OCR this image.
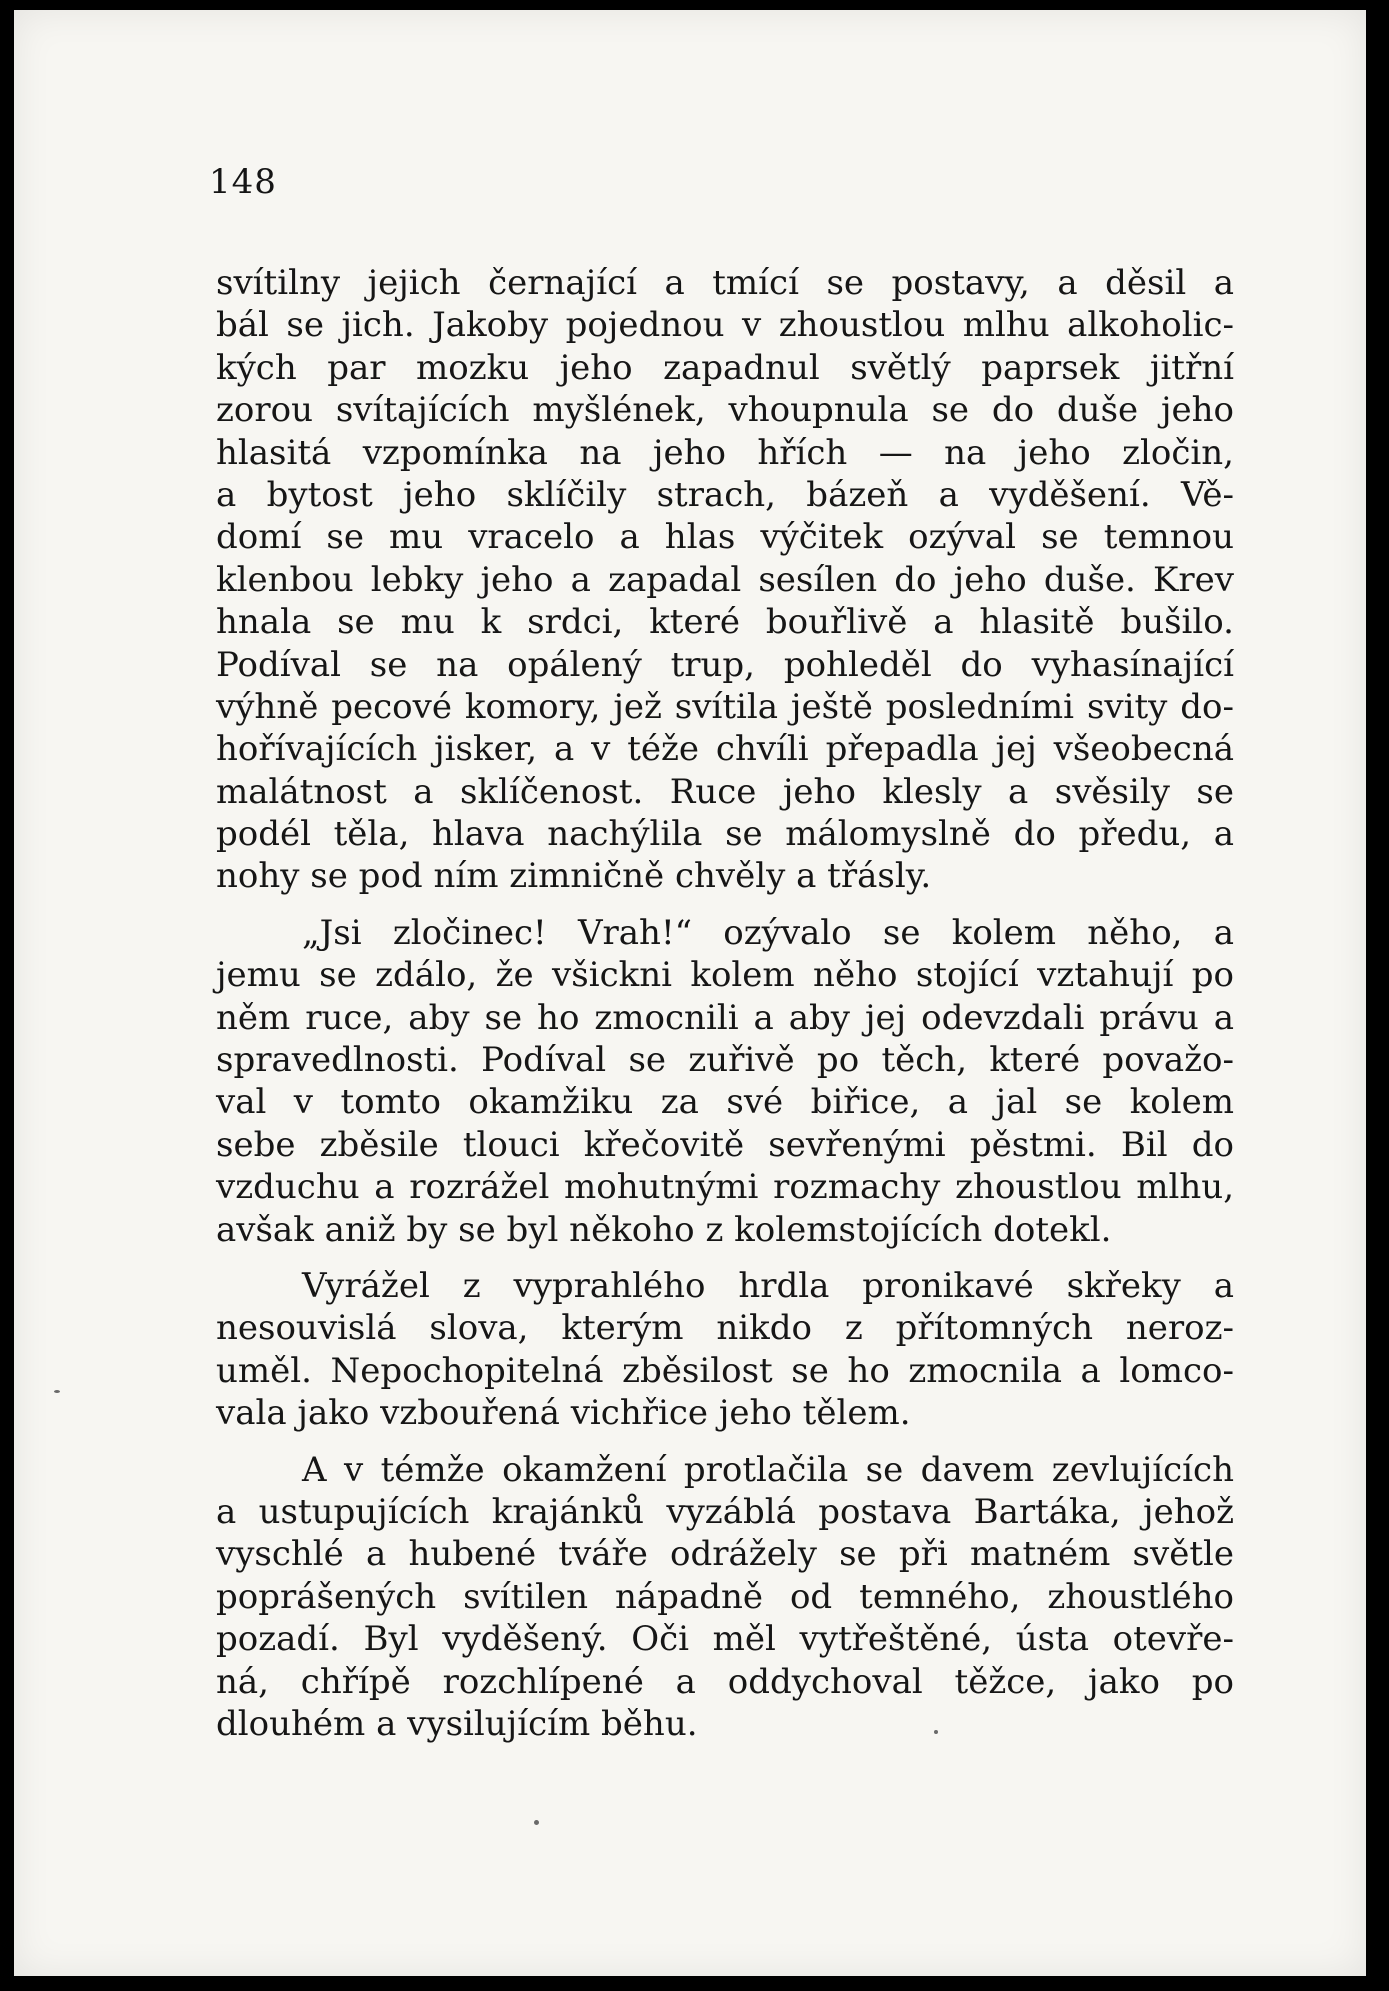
148
svítilny jejich černající a tmící se postavy, a děsil a
bál se jich. Jakoby pojednou v zhoustlou mlhu alkoholic-
kých par mozku jeho zapadnul světlý paprsek jitřní
zorou svítajících myšlének, vhoupnula se do duše jeho
hlasitá vzpomínka na jeho hřích — na jeho zločin,
a bytost jeho sklíčily strach, bázeň a vyděšení. Vě-
domí se mu vracelo a hlas výčitek ozýval se temnou
klenbou lebky jeho a zapadal sesílen do jeho duše. Krev
hnala se mu k srdci, které bouřlivě a hlasitě bušilo.
Podíval se na opálený trup, pohleděl do vyhasínající
výhně pecové komory, jež svítila ještě posledními svity do-
hořívajících jisker, a v téže chvíli přepadla jej všeobecná
malátnost a sklíčenost. Ruce jeho klesly a svěsily se
podél těla, hlava nachýlila se málomyslně do předu, a
nohy se pod ním zimničně chvěly a třásly.
„Jsi zločinec! Vrah!“ ozývalo se kolem něho, a
jemu se zdálo, že všickni kolem něho stojící vztahují po
něm ruce, aby se ho zmocnili a aby jej odevzdali právu a
spravedlnosti. Podíval se zuřivě po těch, které považo-
val v tomto okamžiku za své biřice, a jal se kolem
sebe zběsile tlouci křečovitě sevřenými pěstmi. Bil do
vzduchu a rozrážel mohutnými rozmachy zhoustlou mlhu,
avšak aniž by se byl někoho z kolemstojících dotekl.
Vyrážel z vyprahlého hrdla pronikavé skřeky a
nesouvislá slova, kterým nikdo z přítomných neroz-
uměl. Nepochopitelná zběsilost se ho zmocnila a lomco-
vala jako vzbouřená vichřice jeho tělem.
A v témže okamžení protlačila se davem zevlujících
a ustupujících krajánků vyzáblá postava Bartáka, jehož
vyschlé a hubené tváře odrážely se při matném světle
poprášených svítilen nápadně od temného, zhoustlého
pozadí. Byl vyděšený. Oči měl vytřeštěné, ústa otevře-
ná, chřípě rozchlípené a oddychoval těžce, jako po
dlouhém a vysilujícím běhu.
